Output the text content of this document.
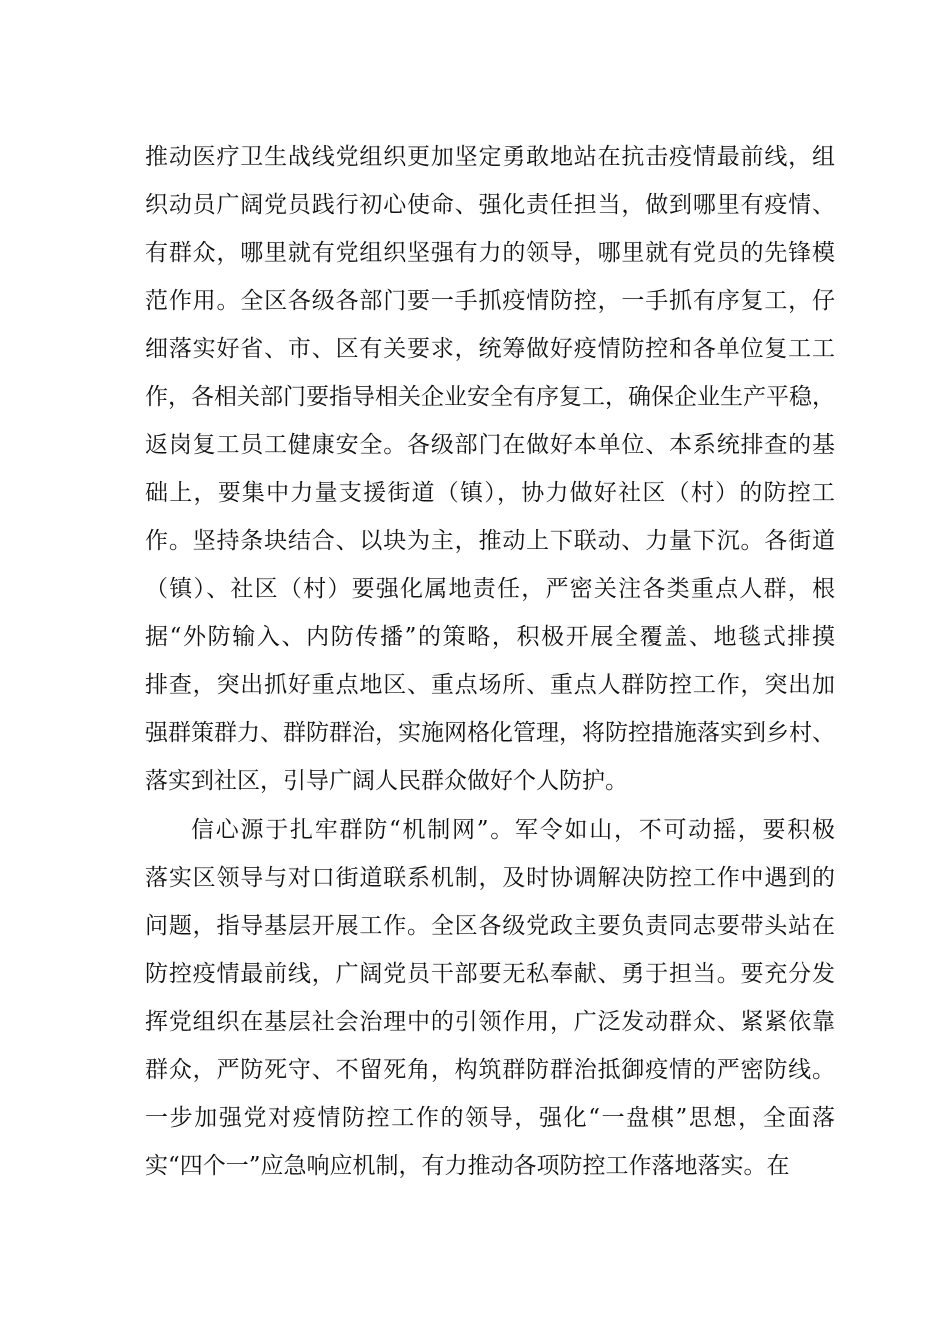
推动医疗卫生战线党组织更加坚定勇敢地站在抗击疫情最前线，组
织动员广阔党员践行初心使命、强化责任担当，做到哪里有疫情、
有群众，哪里就有党组织坚强有力的领导，哪里就有党员的先锋模
范作用。全区各级各部门要一手抓疫情防控，一手抓有序复工，仔
细落实好省、市、区有关要求，统筹做好疫情防控和各单位复工工
作，各相关部门要指导相关企业安全有序复工，确保企业生产平稳，
返岗复工员工健康安全。各级部门在做好本单位、本系统排查的基
础上，要集中力量支援街道（镇），协力做好社区（村）的防控工
作。坚持条块结合、以块为主，推动上下联动、力量下沉。各街道
（镇）、社区（村）要强化属地责任，严密关注各类重点人群，根
据“外防输入、内防传播”的策略，积极开展全覆盖、地毯式排摸
排查，突出抓好重点地区、重点场所、重点人群防控工作，突出加
强群策群力、群防群治，实施网格化管理，将防控措施落实到乡村、
落实到社区，引导广阔人民群众做好个人防护。
信心源于扎牢群防“机制网”。军令如山，不可动摇，要积极
落实区领导与对口街道联系机制，及时协调解决防控工作中遇到的
问题，指导基层开展工作。全区各级党政主要负责同志要带头站在
防控疫情最前线，广阔党员干部要无私奉献、勇于担当。要充分发
挥党组织在基层社会治理中的引领作用，广泛发动群众、紧紧依靠
群众，严防死守、不留死角，构筑群防群治抵御疫情的严密防线。
一步加强党对疫情防控工作的领导，强化“一盘棋”思想，全面落
实“四个一”应急响应机制，有力推动各项防控工作落地落实。在
